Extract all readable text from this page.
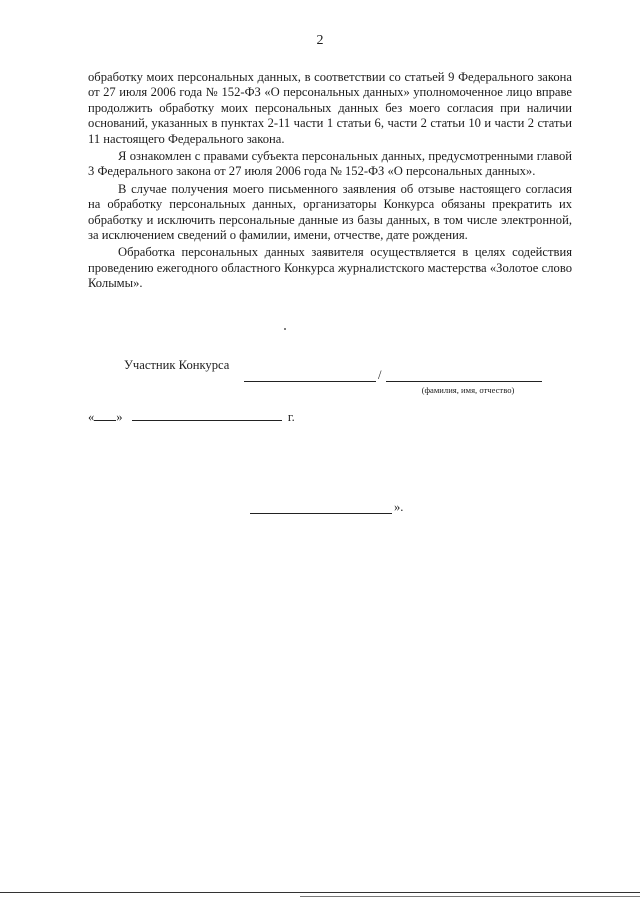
2

обработку моих персональных данных, в соответствии со статьей 9 Федерального закона от 27 июля 2006 года № 152-ФЗ «О персональных данных» уполномоченное лицо вправе продолжить обработку моих персональных данных без моего согласия при наличии оснований, указанных в пунктах 2-11 части 1 статьи 6, части 2 статьи 10 и части 2 статьи 11 настоящего Федерального закона.

Я ознакомлен с правами субъекта персональных данных, предусмотренными главой 3 Федерального закона от 27 июля 2006 года № 152-ФЗ «О персональных данных».

В случае получения моего письменного заявления об отзыве настоящего согласия на обработку персональных данных, организаторы Конкурса обязаны прекратить их обработку и исключить персональные данные из базы данных, в том числе электронной, за исключением сведений о фамилии, имени, отчестве, дате рождения.

Обработка персональных данных заявителя осуществляется в целях содействия проведению ежегодного областного Конкурса журналистского мастерства «Золотое слово Колымы».

Участник Конкурса
/
(фамилия, имя, отчество)
« »	г.
».
